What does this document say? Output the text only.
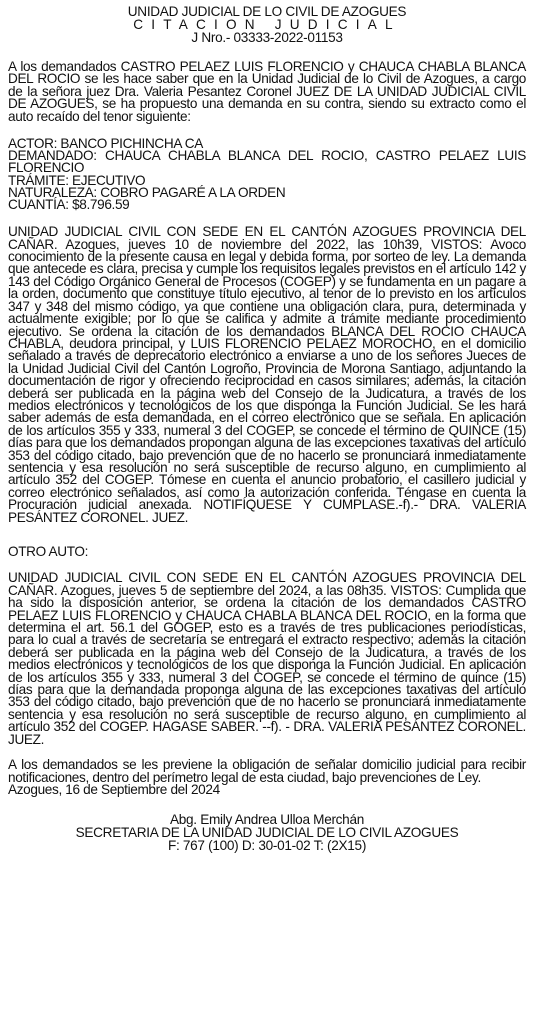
UNIDAD JUDICIAL DE LO CIVIL DE AZOGUES
CITACION JUDICIAL
J Nro.- 03333-2022-01153

A los demandados CASTRO PELAEZ LUIS FLORENCIO y CHAUCA CHABLA BLANCA DEL ROCIO se les hace saber que en la Unidad Judicial de lo Civil de Azogues, a cargo de la señora juez Dra. Valeria Pesantez Coronel JUEZ DE LA UNIDAD JUDICIAL CIVIL DE AZOGUES, se ha propuesto una demanda en su contra, siendo su extracto como el auto recaído del tenor siguiente:

ACTOR: BANCO PICHINCHA CA

DEMANDADO: CHAUCA CHABLA BLANCA DEL ROCIO, CASTRO PELAEZ LUIS FLORENCIO

TRÁMITE: EJECUTIVO

NATURALEZA: COBRO PAGARÉ A LA ORDEN

CUANTÍA: $8.796.59

UNIDAD JUDICIAL CIVIL CON SEDE EN EL CANTÓN AZOGUES PROVINCIA DEL CAÑAR. Azogues, jueves 10 de noviembre del 2022, las 10h39, VISTOS: Avoco conocimiento de la presente causa en legal y debida forma, por sorteo de ley. La demanda que antecede es clara, precisa y cumple los requisitos legales previstos en el artículo 142 y 143 del Código Orgánico General de Procesos (COGEP) y se fundamenta en un pagare a la orden, documento que constituye título ejecutivo, al tenor de lo previsto en los artículos 347 y 348 del mismo código, ya que contiene una obligación clara, pura, determinada y actualmente exigible; por lo que se califica y admite a trámite mediante procedimiento ejecutivo. Se ordena la citación de los demandados BLANCA DEL ROCIO CHAUCA CHABLA, deudora principal, y LUIS FLORENCIO PELAEZ MOROCHO, en el domicilio señalado a través de deprecatorio electrónico a enviarse a uno de los señores Jueces de la Unidad Judicial Civil del Cantón Logroño, Provincia de Morona Santiago, adjuntando la documentación de rigor y ofreciendo reciprocidad en casos similares; además, la citación deberá ser publicada en la página web del Consejo de la Judicatura, a través de los medios electrónicos y tecnológicos de los que disponga la Función Judicial. Se les hará saber además de esta demandada, en el correo electrónico que se señala. En aplicación de los artículos 355 y 333, numeral 3 del COGEP, se concede el término de QUINCE (15) días para que los demandados propongan alguna de las excepciones taxativas del artículo 353 del código citado, bajo prevención que de no hacerlo se pronunciará inmediatamente sentencia y esa resolución no será susceptible de recurso alguno, en cumplimiento al artículo 352 del COGEP. Tómese en cuenta el anuncio probatorio, el casillero judicial y correo electrónico señalados, así como la autorización conferida. Téngase en cuenta la Procuración judicial anexada. NOTIFÍQUESE Y CUMPLASE.-f).- DRA. VALERIA PESÁNTEZ CORONEL. JUEZ.

OTRO AUTO:

UNIDAD JUDICIAL CIVIL CON SEDE EN EL CANTÓN AZOGUES PROVINCIA DEL CAÑAR. Azogues, jueves 5 de septiembre del 2024, a las 08h35. VISTOS: Cumplida que ha sido la disposición anterior, se ordena la citación de los demandados CASTRO PELAEZ LUIS FLORENCIO y CHAUCA CHABLA BLANCA DEL ROCIO, en la forma que determina el art. 56.1 del GOGEP, esto es a través de tres publicaciones periodísticas, para lo cual a través de secretaría se entregará el extracto respectivo; además la citación deberá ser publicada en la página web del Consejo de la Judicatura, a través de los medios electrónicos y tecnológicos de los que disponga la Función Judicial. En aplicación de los artículos 355 y 333, numeral 3 del COGEP, se concede el término de quince (15) días para que la demandada proponga alguna de las excepciones taxativas del artículo 353 del código citado, bajo prevención que de no hacerlo se pronunciará inmediatamente sentencia y esa resolución no será susceptible de recurso alguno, en cumplimiento al artículo 352 del COGEP. HAGASE SABER. --f). - DRA. VALERIA PESÁNTEZ CORONEL. JUEZ.

A los demandados se les previene la obligación de señalar domicilio judicial para recibir notificaciones, dentro del perímetro legal de esta ciudad, bajo prevenciones de Ley.

Azogues, 16 de Septiembre del 2024

Abg. Emily Andrea Ulloa Merchán
SECRETARIA DE LA UNIDAD JUDICIAL DE LO CIVIL AZOGUES
F: 767 (100) D: 30-01-02 T: (2X15)
